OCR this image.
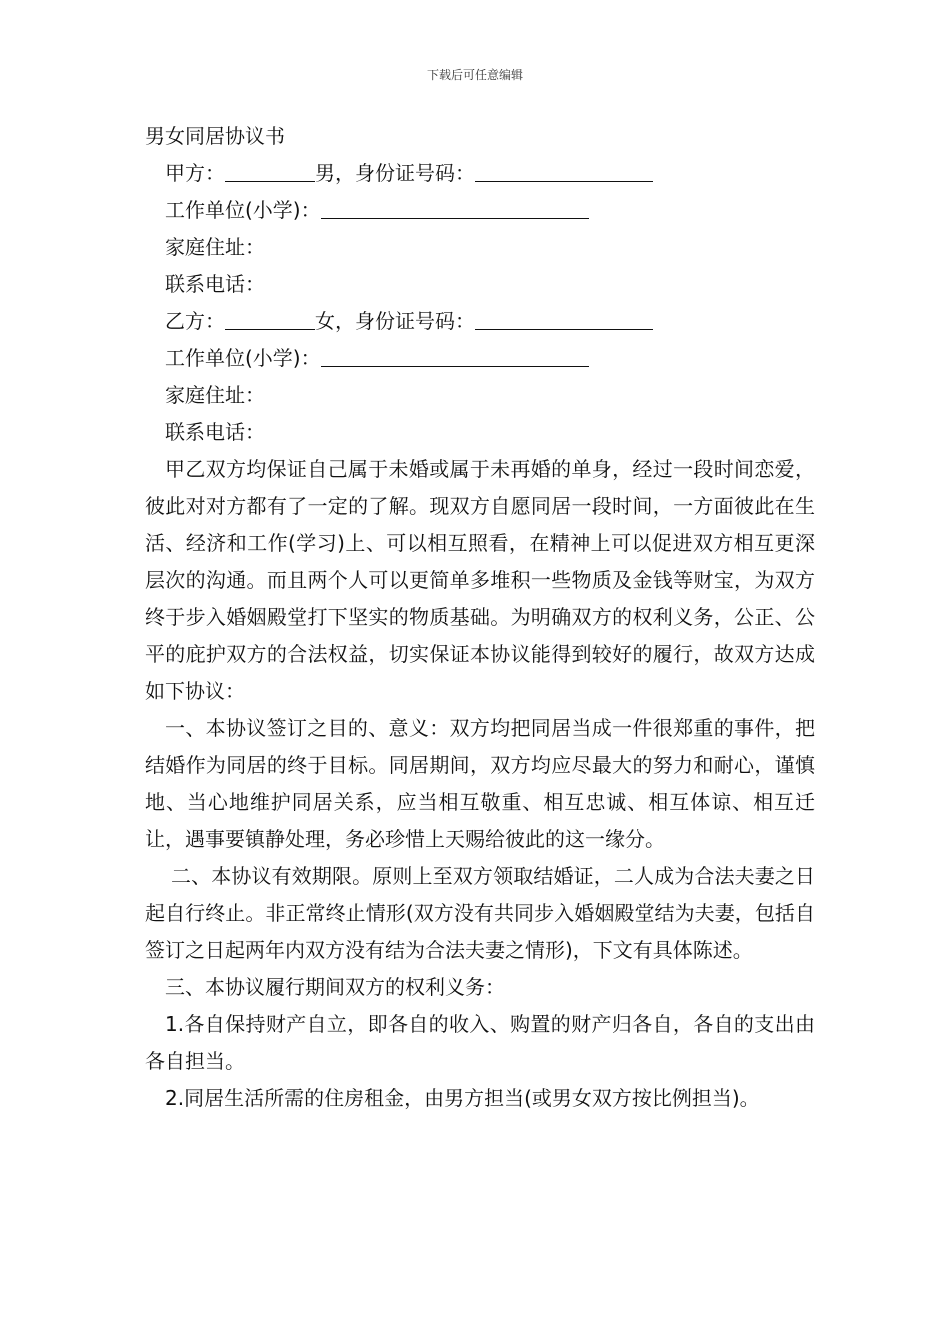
下载后可任意编辑
男女同居协议书
甲方：	男，身份证号码：
工作单位(小学)：
家庭住址：
联系电话：
乙方：	女，身份证号码：
工作单位(小学)：
家庭住址：
联系电话：
甲乙双方均保证自己属于未婚或属于未再婚的单身，经过一段时间恋爱，彼此对对方都有了一定的了解。现双方自愿同居一段时间，一方面彼此在生活、经济和工作(学习)上、可以相互照看，在精神上可以促进双方相互更深层次的沟通。而且两个人可以更简单多堆积一些物质及金钱等财宝，为双方终于步入婚姻殿堂打下坚实的物质基础。为明确双方的权利义务，公正、公平的庇护双方的合法权益，切实保证本协议能得到较好的履行，故双方达成如下协议：
一、本协议签订之目的、意义：双方均把同居当成一件很郑重的事件，把结婚作为同居的终于目标。同居期间，双方均应尽最大的努力和耐心，谨慎地、当心地维护同居关系，应当相互敬重、相互忠诚、相互体谅、相互迁让，遇事要镇静处理，务必珍惜上天赐给彼此的这一缘分。
二、本协议有效期限。原则上至双方领取结婚证，二人成为合法夫妻之日起自行终止。非正常终止情形(双方没有共同步入婚姻殿堂结为夫妻，包括自签订之日起两年内双方没有结为合法夫妻之情形)，下文有具体陈述。
三、本协议履行期间双方的权利义务：
1.各自保持财产自立，即各自的收入、购置的财产归各自，各自的支出由各自担当。
2.同居生活所需的住房租金，由男方担当(或男女双方按比例担当)。
